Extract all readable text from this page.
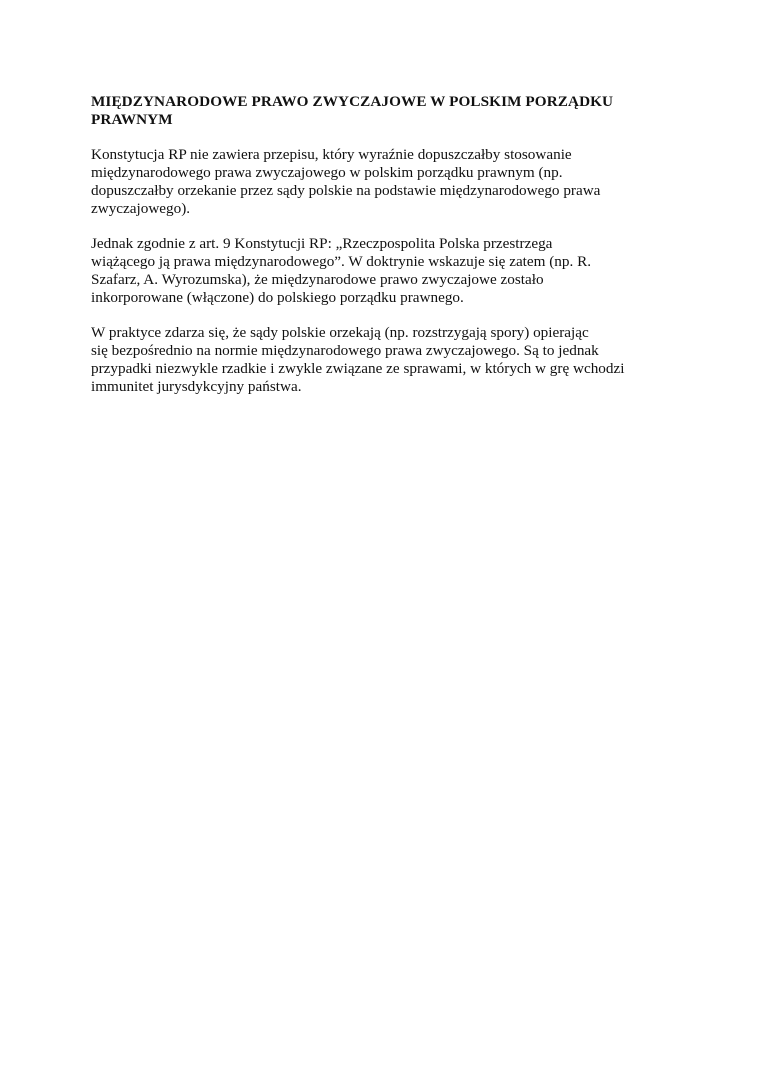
MIĘDZYNARODOWE PRAWO ZWYCZAJOWE W POLSKIM PORZĄDKU
PRAWNYM

Konstytucja RP nie zawiera przepisu, który wyraźnie dopuszczałby stosowanie
międzynarodowego prawa zwyczajowego w polskim porządku prawnym (np.
dopuszczałby orzekanie przez sądy polskie na podstawie międzynarodowego prawa
zwyczajowego).

Jednak zgodnie z art. 9 Konstytucji RP: „Rzeczpospolita Polska przestrzega
wiążącego ją prawa międzynarodowego”. W doktrynie wskazuje się zatem (np. R.
Szafarz, A. Wyrozumska), że międzynarodowe prawo zwyczajowe zostało
inkorporowane (włączone) do polskiego porządku prawnego.

W praktyce zdarza się, że sądy polskie orzekają (np. rozstrzygają spory) opierając
się bezpośrednio na normie międzynarodowego prawa zwyczajowego. Są to jednak
przypadki niezwykle rzadkie i zwykle związane ze sprawami, w których w grę wchodzi
immunitet jurysdykcyjny państwa.
